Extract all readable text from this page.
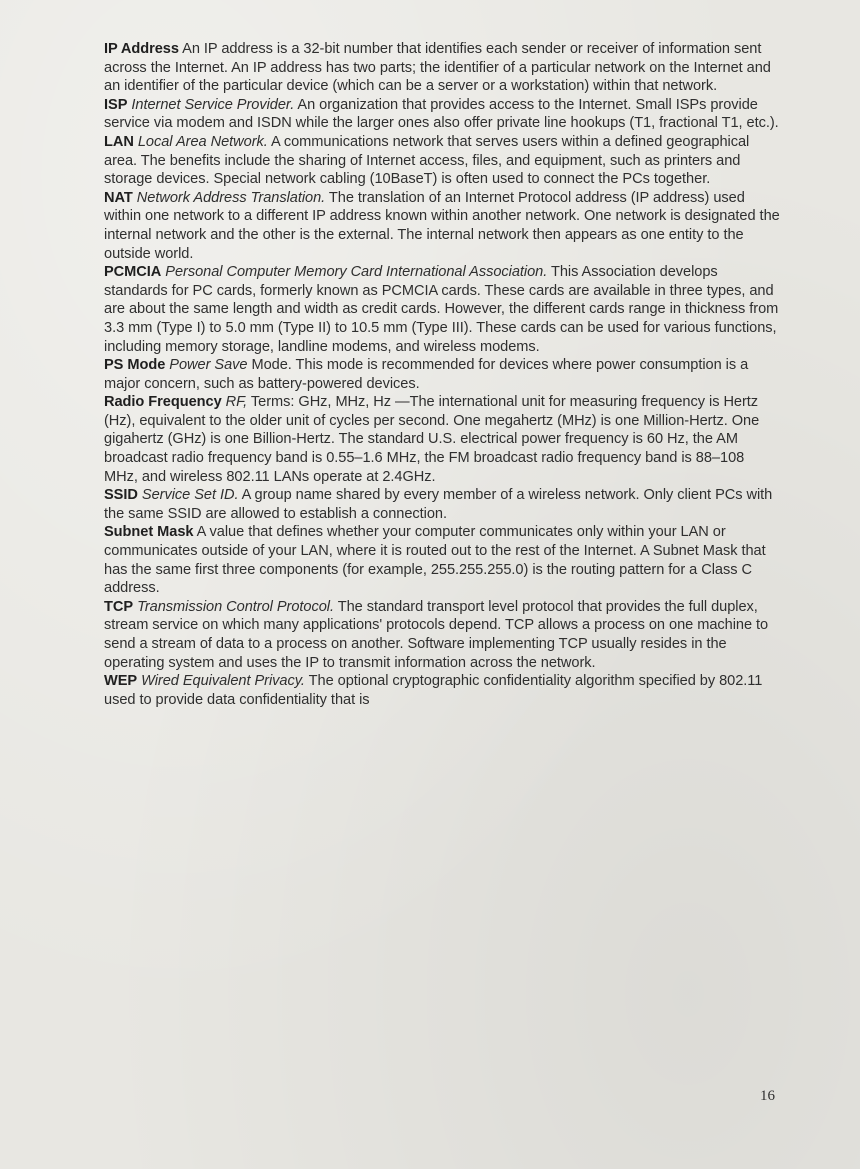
IP Address An IP address is a 32-bit number that identifies each sender or receiver of information sent across the Internet. An IP address has two parts; the identifier of a particular network on the Internet and an identifier of the particular device (which can be a server or a workstation) within that network.

ISP Internet Service Provider. An organization that provides access to the Internet. Small ISPs provide service via modem and ISDN while the larger ones also offer private line hookups (T1, fractional T1, etc.).

LAN Local Area Network. A communications network that serves users within a defined geographical area. The benefits include the sharing of Internet access, files, and equipment, such as printers and storage devices. Special network cabling (10BaseT) is often used to connect the PCs together.

NAT Network Address Translation. The translation of an Internet Protocol address (IP address) used within one network to a different IP address known within another network. One network is designated the internal network and the other is the external. The internal network then appears as one entity to the outside world.

PCMCIA Personal Computer Memory Card International Association. This Association develops standards for PC cards, formerly known as PCMCIA cards. These cards are available in three types, and are about the same length and width as credit cards. However, the different cards range in thickness from 3.3 mm (Type I) to 5.0 mm (Type II) to 10.5 mm (Type III). These cards can be used for various functions, including memory storage, landline modems, and wireless modems.

PS Mode Power Save Mode. This mode is recommended for devices where power consumption is a major concern, such as battery-powered devices.

Radio Frequency RF, Terms: GHz, MHz, Hz —The international unit for measuring frequency is Hertz (Hz), equivalent to the older unit of cycles per second. One megahertz (MHz) is one Million-Hertz. One gigahertz (GHz) is one Billion-Hertz. The standard U.S. electrical power frequency is 60 Hz, the AM broadcast radio frequency band is 0.55–1.6 MHz, the FM broadcast radio frequency band is 88–108 MHz, and wireless 802.11 LANs operate at 2.4GHz.

SSID Service Set ID. A group name shared by every member of a wireless network. Only client PCs with the same SSID are allowed to establish a connection.

Subnet Mask A value that defines whether your computer communicates only within your LAN or communicates outside of your LAN, where it is routed out to the rest of the Internet. A Subnet Mask that has the same first three components (for example, 255.255.255.0) is the routing pattern for a Class C address.

TCP Transmission Control Protocol. The standard transport level protocol that provides the full duplex, stream service on which many applications' protocols depend. TCP allows a process on one machine to send a stream of data to a process on another. Software implementing TCP usually resides in the operating system and uses the IP to transmit information across the network.

WEP Wired Equivalent Privacy. The optional cryptographic confidentiality algorithm specified by 802.11 used to provide data confidentiality that is

16
